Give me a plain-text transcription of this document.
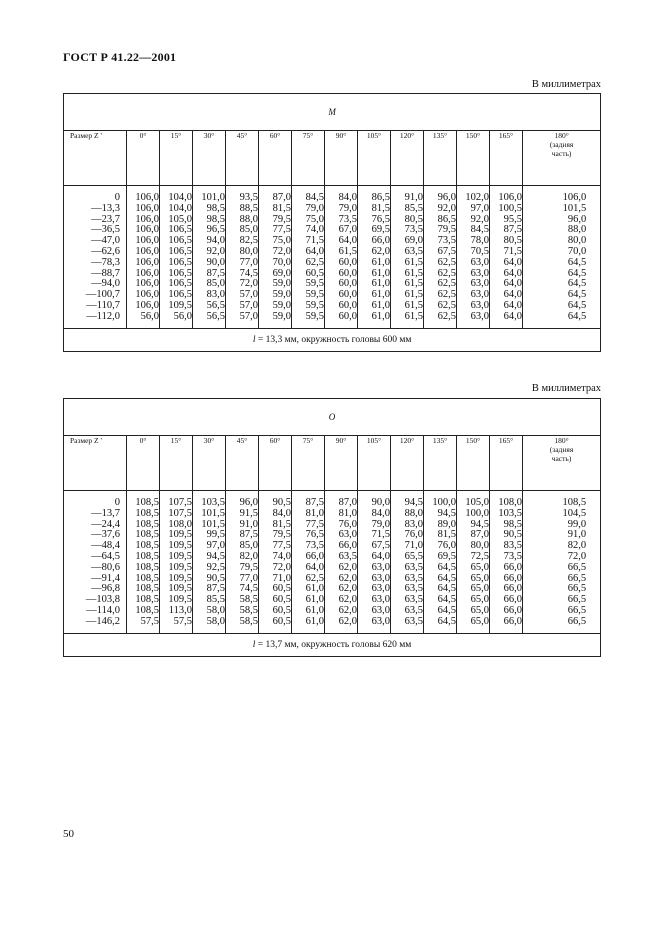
ГОСТ Р 41.22—2001
В миллиметрах
M													
Размер Z '	0°	15°	30°	45°	60°	75°	90°	105°	120°	135°	150°	165°	180°
(задняя
часть)

0	106,0	104,0	101,0	93,5	87,0	84,5	84,0	86,5	91,0	96,0	102,0	106,0	106,0
—13,3	106,0	104,0	98,5	88,5	81,5	79,0	79,0	81,5	85,5	92,0	97,0	100,5	101,5
—23,7	106,0	105,0	98,5	88,0	79,5	75,0	73,5	76,5	80,5	86,5	92,0	95,5	96,0
—36,5	106,0	106,5	96,5	85,0	77,5	74,0	67,0	69,5	73,5	79,5	84,5	87,5	88,0
—47,0	106,0	106,5	94,0	82,5	75,0	71,5	64,0	66,0	69,0	73,5	78,0	80,5	80,0
—62,6	106,0	106,5	92,0	80,0	72,0	64,0	61,5	62,0	63,5	67,5	70,5	71,5	70,0
—78,3	106,0	106,5	90,0	77,0	70,0	62,5	60,0	61,0	61,5	62,5	63,0	64,0	64,5
—88,7	106,0	106,5	87,5	74,5	69,0	60,5	60,0	61,0	61,5	62,5	63,0	64,0	64,5
—94,0	106,0	106,5	85,0	72,0	59,0	59,5	60,0	61,0	61,5	62,5	63,0	64,0	64,5
—100,7	106,0	106,5	83,0	57,0	59,0	59,5	60,0	61,0	61,5	62,5	63,0	64,0	64,5
—110,7	106,0	109,5	56,5	57,0	59,0	59,5	60,0	61,0	61,5	62,5	63,0	64,0	64,5
—112,0	56,0	56,0	56,5	57,0	59,0	59,5	60,0	61,0	61,5	62,5	63,0	64,0	64,5

l = 13,3 мм, окружность головы 600 мм													
В миллиметрах
O													
Размер Z '	0°	15°	30°	45°	60°	75°	90°	105°	120°	135°	150°	165°	180°
(задняя
часть)

0	108,5	107,5	103,5	96,0	90,5	87,5	87,0	90,0	94,5	100,0	105,0	108,0	108,5
—13,7	108,5	107,5	101,5	91,5	84,0	81,0	81,0	84,0	88,0	94,5	100,0	103,5	104,5
—24,4	108,5	108,0	101,5	91,0	81,5	77,5	76,0	79,0	83,0	89,0	94,5	98,5	99,0
—37,6	108,5	109,5	99,5	87,5	79,5	76,5	63,0	71,5	76,0	81,5	87,0	90,5	91,0
—48,4	108,5	109,5	97,0	85,0	77,5	73,5	66,0	67,5	71,0	76,0	80,0	83,5	82,0
—64,5	108,5	109,5	94,5	82,0	74,0	66,0	63,5	64,0	65,5	69,5	72,5	73,5	72,0
—80,6	108,5	109,5	92,5	79,5	72,0	64,0	62,0	63,0	63,5	64,5	65,0	66,0	66,5
—91,4	108,5	109,5	90,5	77,0	71,0	62,5	62,0	63,0	63,5	64,5	65,0	66,0	66,5
—96,8	108,5	109,5	87,5	74,5	60,5	61,0	62,0	63,0	63,5	64,5	65,0	66,0	66,5
—103,8	108,5	109,5	85,5	58,5	60,5	61,0	62,0	63,0	63,5	64,5	65,0	66,0	66,5
—114,0	108,5	113,0	58,0	58,5	60,5	61,0	62,0	63,0	63,5	64,5	65,0	66,0	66,5
—146,2	57,5	57,5	58,0	58,5	60,5	61,0	62,0	63,0	63,5	64,5	65,0	66,0	66,5

l = 13,7 мм, окружность головы 620 мм													
50
